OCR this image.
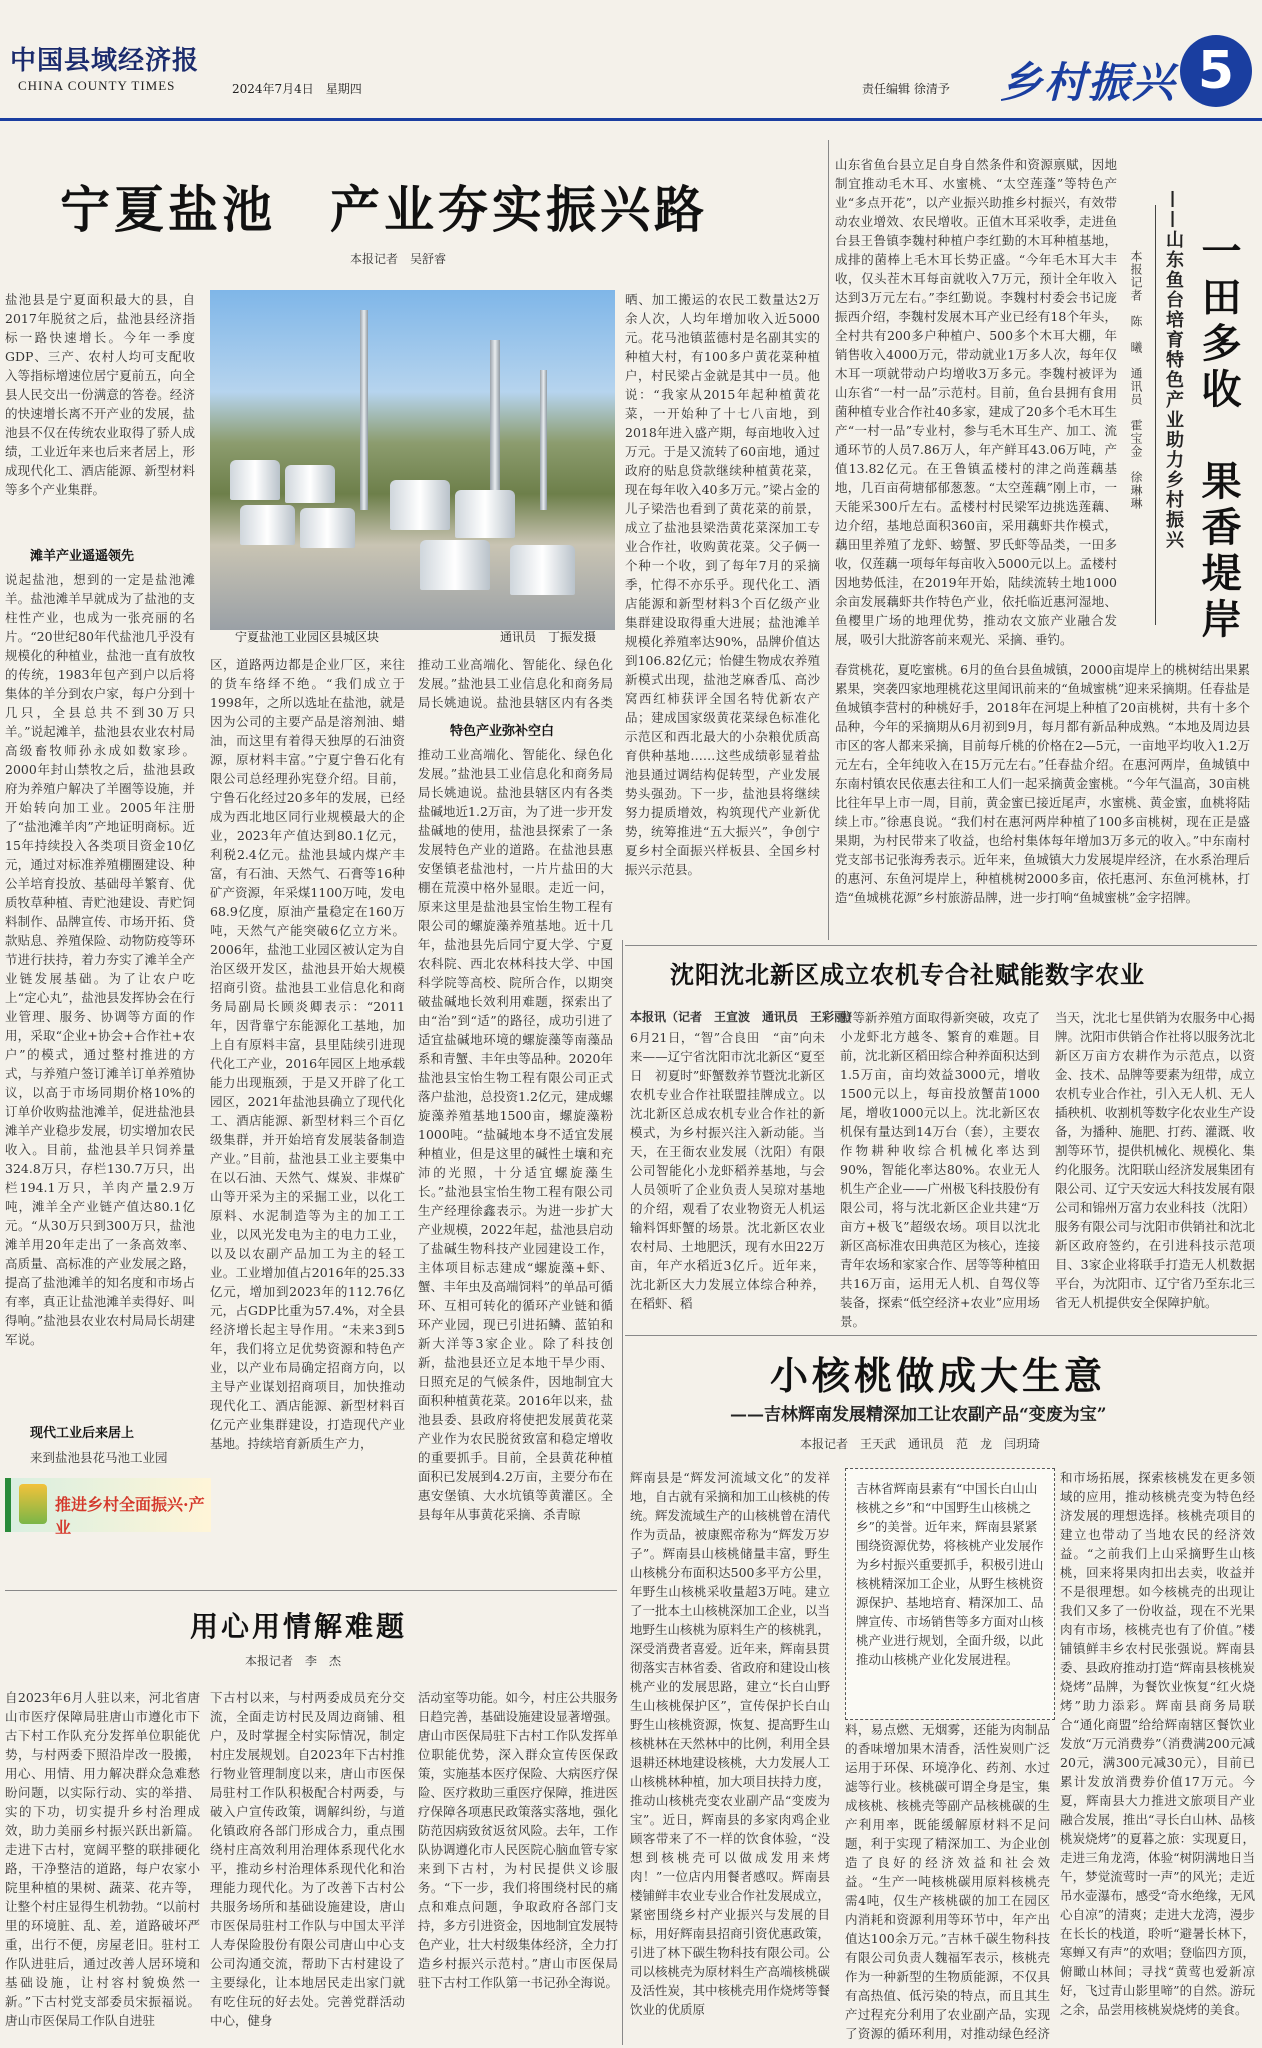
中国县域经济报
CHINA COUNTY TIMES	2024年7月4日　星期四	责任编辑 徐清予 乡村振兴 5
宁夏盐池　产业夯实振兴路
本报记者　吴舒睿
盐池县是宁夏面积最大的县，自2017年脱贫之后，盐池县经济指标一路快速增长。今年一季度GDP、三产、农村人均可支配收入等指标增速位居宁夏前五，向全县人民交出一份满意的答卷。经济的快速增长离不开产业的发展，盐池县不仅在传统农业取得了骄人成绩，工业近年来也后来者居上，形成现代化工、酒店能源、新型材料等多个产业集群。
滩羊产业遥遥领先
说起盐池，想到的一定是盐池滩羊。盐池滩羊早就成为了盐池的支柱性产业，也成为一张亮丽的名片。“20世纪80年代盐池几乎没有规模化的种植业，盐池一直有放牧的传统，1983年包产到户以后将集体的羊分到农户家，每户分到十几只，全县总共不到30万只羊。”说起滩羊，盐池县农业农村局高级畜牧师孙永成如数家珍。2000年封山禁牧之后，盐池县政府为养殖户解决了羊圈等设施，并开始转向加工业。2005年注册了“盐池滩羊肉”产地证明商标。近15年持续投入各类项目资金10亿元，通过对标准养殖棚圈建设、种公羊培育投放、基础母羊繁育、优质牧草种植、青贮池建设、青贮饲料制作、品牌宣传、市场开拓、贷款贴息、养殖保险、动物防疫等环节进行扶持，着力夯实了滩羊全产业链发展基础。为了让农户吃上“定心丸”，盐池县发挥协会在行业管理、服务、协调等方面的作用，采取“企业+协会+合作社+农户”的模式，通过整村推进的方式，与养殖户签订滩羊订单养殖协议，以高于市场同期价格10%的订单价收购盐池滩羊，促进盐池县滩羊产业稳步发展，切实增加农民收入。目前，盐池县羊只饲养量324.8万只，存栏130.7万只，出栏194.1万只，羊肉产量2.9万吨，滩羊全产业链产值达80.1亿元。“从30万只到300万只，盐池滩羊用20年走出了一条高效率、高质量、高标准的产业发展之路，提高了盐池滩羊的知名度和市场占有率，真正让盐池滩羊卖得好、叫得响。”盐池县农业农村局局长胡建军说。
现代工业后来居上
来到盐池县花马池工业园
宁夏盐池工业园区县城区块	通讯员　丁振发摄
区，道路两边都是企业厂区，来往的货车络绎不绝。“我们成立于1998年，之所以选址在盐池，就是因为公司的主要产品是溶剂油、蜡油，而这里有着得天独厚的石油资源，原材料丰富。”宁夏宁鲁石化有限公司总经理孙宪登介绍。目前，宁鲁石化经过20多年的发展，已经成为西北地区同行业规模最大的企业，2023年产值达到80.1亿元，利税2.4亿元。盐池县域内煤产丰富，有石油、天然气、石膏等16种矿产资源，年采煤1100万吨，发电68.9亿度，原油产量稳定在160万吨，天然气产能突破6亿立方米。2006年，盐池工业园区被认定为自治区级开发区，盐池县开始大规模招商引资。盐池县工业信息化和商务局副局长顾炎卿表示：“2011年，因背靠宁东能源化工基地，加上自有原料丰富，县里陆续引进现代化工产业，2016年园区上地承载能力出现瓶颈，于是又开辟了化工园区，2021年盐池县确立了现代化工、酒店能源、新型材料三个百亿级集群，并开始培育发展装备制造产业。”目前，盐池县工业主要集中在以石油、天然气、煤炭、非煤矿山等开采为主的采掘工业，以化工原料、水泥制造等为主的加工工业，以风光发电为主的电力工业，以及以农副产品加工为主的轻工业。工业增加值占2016年的25.33亿元，增加到2023年的112.76亿元，占GDP比重为57.4%，对全县经济增长起主导作用。“未来3到5年，我们将立足优势资源和特色产业，以产业布局确定招商方向，以主导产业谋划招商项目，加快推动现代化工、酒店能源、新型材料百亿元产业集群建设，打造现代产业基地。持续培育新质生产力，
特色产业弥补空白
推动工业高端化、智能化、绿色化发展。”盐池县工业信息化和商务局局长姚迪说。盐池县辖区内有各类
推动工业高端化、智能化、绿色化发展。”盐池县工业信息化和商务局局长姚迪说。盐池县辖区内有各类盐碱地近1.2万亩，为了进一步开发盐碱地的使用，盐池县探索了一条发展特色产业的道路。在盐池县惠安堡镇老盐池村，一片片盐田的大棚在荒漠中格外显眼。走近一问，原来这里是盐池县宝怡生物工程有限公司的螺旋藻养殖基地。近十几年，盐池县先后同宁夏大学、宁夏农科院、西北农林科技大学、中国科学院等高校、院所合作，以期突破盐碱地长效利用难题，探索出了由“治”到“适”的路径，成功引进了适宜盐碱地环境的螺旋藻等南藻品系和青蟹、丰年虫等品种。2020年盐池县宝怡生物工程有限公司正式落户盐池，总投资1.2亿元，建成螺旋藻养殖基地1500亩，螺旋藻粉1000吨。“盐碱地本身不适宜发展种植业，但是这里的碱性土壤和充沛的光照，十分适宜螺旋藻生长。”盐池县宝怡生物工程有限公司生产经理徐鑫表示。为进一步扩大产业规模，2022年起，盐池县启动了盐碱生物科技产业园建设工作，主体项目标志建成“螺旋藻+虾、蟹、丰年虫及高端饲料”的单品可循环、互相可转化的循环产业链和循环产业园，现已引进拓鳞、蓝铂和新大洋等3家企业。除了科技创新，盐池县还立足本地干旱少雨、日照充足的气候条件，因地制宜大面积种植黄花菜。2016年以来，盐池县委、县政府将使把发展黄花菜产业作为农民脱贫致富和稳定增收的重要抓手。目前，全县黄花种植面积已发展到4.2万亩，主要分布在惠安堡镇、大水坑镇等黄灌区。全县每年从事黄花采摘、杀青晾
晒、加工搬运的农民工数量达2万余人次，人均年增加收入近5000元。花马池镇蓝德村是名副其实的种植大村，有100多户黄花菜种植户，村民梁占金就是其中一员。他说：“我家从2015年起种植黄花菜，一开始种了十七八亩地，到2018年进入盛产期，每亩地收入过万元。于是又流转了60亩地，通过政府的贴息贷款继续种植黄花菜，现在每年收入40多万元。”梁占金的儿子梁浩也看到了黄花菜的前景，成立了盐池县梁浩黄花菜深加工专业合作社，收购黄花菜。父子俩一个种一个收，到了每年7月的采摘季，忙得不亦乐乎。现代化工、酒店能源和新型材料3个百亿级产业集群建设取得重大进展；盐池滩羊规模化养殖率达90%，品牌价值达到106.82亿元；怡健生物成农养殖新模式出现，盐池芝麻香瓜、高沙窝西红柿获评全国名特优新农产品；建成国家级黄花菜绿色标准化示范区和西北最大的小杂粮优质高育供种基地……这些成绩彰显着盐池县通过调结构促转型，产业发展势头强劲。下一步，盐池县将继续努力提质增效，构筑现代产业新优势，统筹推进“五大振兴”，争创宁夏乡村全面振兴样板县、全国乡村振兴示范县。
推进乡村全面振兴·产业
一田多收　果香堤岸
——山东鱼台培育特色产业助力乡村振兴
本报记者　陈　曦　通讯员　霍宝金　徐琳琳
山东省鱼台县立足自身自然条件和资源禀赋，因地制宜推动毛木耳、水蜜桃、“太空莲蓬”等特色产业“多点开花”，以产业振兴助推乡村振兴，有效带动农业增效、农民增收。正值木耳采收季，走进鱼台县王鲁镇李魏村种植户李红勤的木耳种植基地，成排的菌棒上毛木耳长势正盛。“今年毛木耳大丰收，仅头茬木耳每亩就收入7万元，预计全年收入达到3万元左右。”李红勤说。李魏村村委会书记庞振西介绍，李魏村发展木耳产业已经有18个年头，全村共有200多户种植户、500多个木耳大棚，年销售收入4000万元，带动就业1万多人次，每年仅木耳一项就带动户均增收3万多元。李魏村被评为山东省“一村一品”示范村。目前，鱼台县拥有食用菌种植专业合作社40多家，建成了20多个毛木耳生产“一村一品”专业村，参与毛木耳生产、加工、流通环节的人员7.86万人，年产鲜耳43.06万吨，产值13.82亿元。在王鲁镇孟楼村的津之尚莲藕基地，几百亩荷塘郁郁葱葱。“太空莲藕”刚上市，一天能采300斤左右。孟楼村村民梁军边挑选莲藕、边介绍，基地总面积360亩，采用藕虾共作模式，藕田里养殖了龙虾、螃蟹、罗氏虾等品类，一田多收，仅莲藕一项每年每亩收入5000元以上。孟楼村因地势低洼，在2019年开始，陆续流转土地1000余亩发展藕虾共作特色产业，依托临近惠河湿地、鱼樱里广场的地理优势，推动农文旅产业融合发展，吸引大批游客前来观光、采摘、垂钓。
春赏桃花，夏吃蜜桃。6月的鱼台县鱼城镇，2000亩堤岸上的桃树结出果累累果，突袭四家地理桃花这里闻讯前来的“鱼城蜜桃”迎来采摘期。任春盐是鱼城镇李营村的种桃好手，2018年在河堤上种植了20亩桃树，共有十多个品种，今年的采摘期从6月初到9月，每月都有新品种成熟。“本地及周边县市区的客人都来采摘，目前每斤桃的价格在2—5元，一亩地平均收入1.2万元左右，全年纯收入在15万元左右。”任春盐介绍。在惠河两岸，鱼城镇中东南村镇农民依惠去往和工人们一起采摘黄金蜜桃。“今年气温高，30亩桃比往年早上市一周，目前，黄金蜜已接近尾声，水蜜桃、黄金蜜，血桃将陆续上市。”徐惠良说。“我们村在惠河两岸种植了100多亩桃树，现在正是盛果期，为村民带来了收益，也给村集体每年增加3万多元的收入。”中东南村党支部书记张海秀表示。近年来，鱼城镇大力发展堤岸经济，在水系治理后的惠河、东鱼河堤岸上，种植桃树2000多亩，依托惠河、东鱼河桃林，打造“鱼城桃花源”乡村旅游品牌，进一步打响“鱼城蜜桃”金字招牌。
沈阳沈北新区成立农机专合社赋能数字农业
本报讯（记者　王宣波　通讯员　王彩丽）
6月21日，“智”合良田　“亩”向未来——辽宁省沈阳市沈北新区“夏至日　初夏时”虾蟹数养节暨沈北新区农机专业合作社联盟挂牌成立。以沈北新区总成农机专业合作社的新模式，为乡村振兴注入新动能。当天，在王衙农业发展（沈阳）有限公司智能化小龙虾稻养基地，与会人员领听了企业负责人吴琼对基地的介绍，观看了农业物资无人机运输料饵虾蟹的场景。沈北新区农业农村局、土地肥沃，现有水田22万亩，年产水稻近3亿斤。近年来，沈北新区大力发展立体综合种养，在稻虾、稻
蟹等新养殖方面取得新突破，攻克了小龙虾北方越冬、繁育的难题。目前，沈北新区稻田综合种养面积达到1.5万亩，亩均效益3000元，增收1500元以上，每亩投放蟹苗1000尾，增收1000元以上。沈北新区农机保有量达到14万台（套），主要农作物耕种收综合机械化率达到90%，智能化率达80%。农业无人机生产企业——广州极飞科技股份有限公司，将与沈北新区企业共建“万亩方+极飞”超级农场。项目以沈北新区高标准农田典范区为核心，连接青年农场和家家合作、居等等种植田共16万亩，运用无人机、自驾仪等装备，探索“低空经济+农业”应用场景。
当天，沈北七星供销为农服务中心揭牌。沈阳市供销合作社将以服务沈北新区万亩方农耕作为示范点，以资金、技术、品牌等要素为纽带，成立农机专业合作社，引入无人机、无人插秧机、收割机等数字化农业生产设备，为播种、施肥、打药、灌溉、收割等环节，提供机械化、规模化、集约化服务。沈阳联山经济发展集团有限公司、辽宁天安远大科技发展有限公司和锦州万富力农业科技（沈阳）服务有限公司与沈阳市供销社和沈北新区政府签约，在引进科技示范项目、3家企业将联手打造无人机数据平台，为沈阳市、辽宁省乃至东北三省无人机提供安全保障护航。
小核桃做成大生意
——吉林辉南发展精深加工让农副产品“变废为宝”
本报记者　王天武　通讯员　范　龙　闫玥琦
辉南县是“辉发河流域文化”的发祥地，自古就有采摘和加工山核桃的传统。辉发流域生产的山核桃曾在清代作为贡品，被康熙帝称为“辉发万岁子”。辉南县山核桃储量丰富，野生山核桃分布面积达500多平方公里，年野生山核桃采收量超3万吨。建立了一批本土山核桃深加工企业，以当地野生山核桃为原料生产的核桃乳，深受消费者喜爱。近年来，辉南县贯彻落实吉林省委、省政府和建设山核桃产业的发展思路，建立“长白山野生山核桃保护区”，宣传保护长白山野生山核桃资源，恢复、提高野生山核桃林在天然林中的比例，利用全县退耕还林地建设核桃，大力发展人工山核桃林种植，加大项目扶持力度，推动山核桃壳变农业副产品“变废为宝”。近日，辉南县的多家肉鸡企业顾客带来了不一样的饮食体验，“没想到核桃壳可以做成发用来烤肉！”一位店内用餐者感叹。辉南县楼铺鲜丰农业专业合作社发展成立，紧密围绕乡村产业振兴与发展的目标，用好辉南县招商引资优惠政策，引进了林下碳生物科技有限公司。公司以核桃壳为原材料生产高端核桃碳及活性炭，其中核桃壳用作烧烤等餐饮业的优质原
吉林省辉南县素有“中国长白山山核桃之乡”和“中国野生山核桃之乡”的美誉。近年来，辉南县紧紧围绕资源优势，将核桃产业发展作为乡村振兴重要抓手，积极引进山核桃精深加工企业，从野生核桃资源保护、基地培育、精深加工、品牌宣传、市场销售等多方面对山核桃产业进行规划，全面升级，以此推动山核桃产业化发展进程。
料，易点燃、无烟雾，还能为肉制品的香味增加果木清香，活性炭则广泛运用于环保、环境净化、药剂、水过滤等行业。核桃碳可谓全身是宝，集成核桃、核桃壳等副产品核桃碳的生产利用率，既能缓解原材料不足问题，利于实现了精深加工、为企业创造了良好的经济效益和社会效益。“生产一吨核桃碳用原料核桃壳需4吨，仅生产核桃碳的加工在园区内消耗和资源利用等环节中，年产出值达100余万元。”吉林千碳生物科技有限公司负责人魏福军表示，核桃壳作为一种新型的生物质能源，不仅具有高热值、低污染的特点，而且其生产过程充分利用了农业副产品，实现了资源的循环利用，对推动绿色经济
和市场拓展，探索核桃发在更多领域的应用，推动核桃壳变为特色经济发展的理想选择。核桃壳项目的建立也带动了当地农民的经济效益。“之前我们上山采摘野生山核桃，回来将果肉扣出去卖，收益并不是很理想。如今核桃壳的出现让我们又多了一份收益，现在不光果肉有市场，核桃壳也有了价值。”楼铺镇鲜丰乡农村民张强说。辉南县委、县政府推动打造“辉南县核桃炭烧烤”品牌，为餐饮业恢复“红火烧烤”助力添彩。辉南县商务局联合“通化商盟”给给辉南辖区餐饮业发放“万元消费券”（消费满200元减20元，满300元减30元），目前已累计发放消费券价值17万元。今夏，辉南县大力推进文旅项目产业融合发展，推出“寻长白山林、品核桃炭烧烤”的夏暮之旅：实现夏日，走进三角龙湾，体验“树阴满地日当午，梦觉流莺时一声”的风光；走近吊水壶瀑布，感受“奇水绝缘，无风心自凉”的清爽；走进大龙湾，漫步在长长的栈道，聆听“避暑长林下，寒蝉又有声”的欢唱；登临四方顶，俯瞰山林间；寻找“黄莺也爱新凉好，飞过青山影里啼”的自然。游玩之余，品尝用核桃炭烧烤的美食。
用心用情解难题
本报记者　李　杰
自2023年6月人驻以来，河北省唐山市医疗保障局驻唐山市遵化市下古下村工作队充分发挥单位职能优势，与村两委下照沿岸改一股搬，用心、用情、用力解决群众急难愁盼问题，以实际行动、实的举措、实的下功，切实提升乡村治理成效，助力美丽乡村振兴跃出新篇。走进下古村，宽阔平整的联排硬化路，干净整洁的道路，每户农家小院里种植的果树、蔬菜、花卉等，让整个村庄显得生机勃勃。“以前村里的环境脏、乱、差，道路破坏严重，出行不便，房屋老旧。驻村工作队进驻后，通过改善人居环境和基础设施，让村容村貌焕然一新。”下古村党支部委员宋振福说。唐山市医保局工作队自进驻
下古村以来，与村两委成员充分交流，全面走访村民及周边商铺、租户，及时掌握全村实际情况，制定村庄发展规划。自2023年下古村推行物业管理制度以来，唐山市医保局驻村工作队积极配合村两委，与破入户宣传政策，调解纠纷，与道化镇政府各部门形成合力，重点围绕村庄高效利用治理体系现代化水平，推动乡村治理体系现代化和治理能力现代化。为了改善下古村公共服务场所和基础设施建设，唐山市医保局驻村工作队与中国太平洋人寿保险股份有限公司唐山中心支公司沟通交流，帮助下古村建设了主要绿化，让本地居民走出家门就有吃住玩的好去处。完善党群活动中心，健身
活动室等功能。如今，村庄公共服务日趋完善，基础设施建设显著增强。唐山市医保局驻下古村工作队发挥单位职能优势，深入群众宣传医保政策，实施基本医疗保险、大病医疗保险、医疗救助三重医疗保障，推进医疗保障各项惠民政策落实落地，强化防范因病致贫返贫风险。去年，工作队协调遵化市人民医院心脑血管专家来到下古村，为村民提供义诊服务。“下一步，我们将围绕村民的痛点和难点问题，争取政府各部门支持，多方引进资金，因地制宜发展特色产业，壮大村级集体经济，全力打造乡村振兴示范村。”唐山市医保局驻下古村工作队第一书记孙全海说。
